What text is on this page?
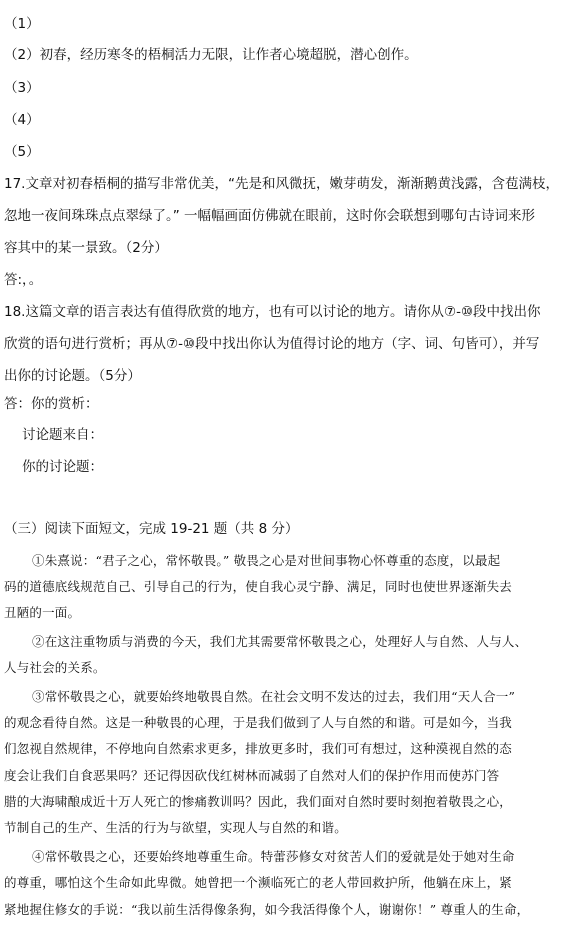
（1）
（2）初春，经历寒冬的梧桐活力无限，让作者心境超脱，潜心创作。
（3）
（4）
（5）
17.文章对初春梧桐的描写非常优美，“先是和风微抚，嫩芽萌发，渐渐鹅黄浅露，含苞满枝，
忽地一夜间珠珠点点翠绿了。” 一幅幅画面仿佛就在眼前，这时你会联想到哪句古诗词来形
容其中的某一景致。（2分）
答:，。
18.这篇文章的语言表达有值得欣赏的地方，也有可以讨论的地方。请你从⑦-⑩段中找出你
欣赏的语句进行赏析；再从⑦-⑩段中找出你认为值得讨论的地方（字、词、句皆可），并写
出你的讨论题。（5分）
答：你的赏析：
讨论题来自：
你的讨论题：
（三）阅读下面短文，完成 19-21 题（共 8 分）
①朱熹说：“君子之心，常怀敬畏。” 敬畏之心是对世间事物心怀尊重的态度，以最起
码的道德底线规范自己、引导自己的行为，使自我心灵宁静、满足，同时也使世界逐渐失去
丑陋的一面。
②在这注重物质与消费的今天，我们尤其需要常怀敬畏之心，处理好人与自然、人与人、
人与社会的关系。
③常怀敬畏之心，就要始终地敬畏自然。在社会文明不发达的过去，我们用“天人合一”
的观念看待自然。这是一种敬畏的心理，于是我们做到了人与自然的和谐。可是如今，当我
们忽视自然规律，不停地向自然索求更多，排放更多时，我们可有想过，这种漠视自然的态
度会让我们自食恶果吗？还记得因砍伐红树林而减弱了自然对人们的保护作用而使苏门答
腊的大海啸酿成近十万人死亡的惨痛教训吗？因此，我们面对自然时要时刻抱着敬畏之心，
节制自己的生产、生活的行为与欲望，实现人与自然的和谐。
④常怀敬畏之心，还要始终地尊重生命。特蕾莎修女对贫苦人们的爱就是处于她对生命
的尊重，哪怕这个生命如此卑微。她曾把一个濒临死亡的老人带回救护所，他躺在床上，紧
紧地握住修女的手说：“我以前生活得像条狗，如今我活得像个人，谢谢你！” 尊重人的生命，
